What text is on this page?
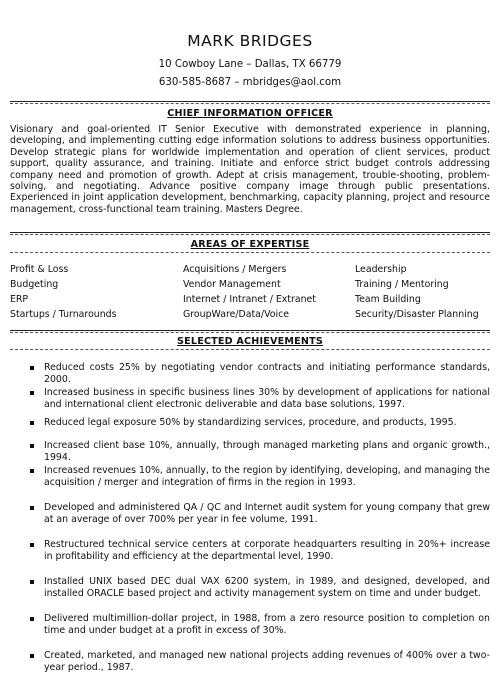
MARK BRIDGES
10 Cowboy Lane – Dallas, TX 66779
630-585-8687 – mbridges@aol.com
CHIEF INFORMATION OFFICER
Visionary and goal-oriented IT Senior Executive with demonstrated experience in planning, developing, and implementing cutting edge information solutions to address business opportunities. Develop strategic plans for worldwide implementation and operation of client services, product support, quality assurance, and training. Initiate and enforce strict budget controls addressing company need and promotion of growth. Adept at crisis management, trouble-shooting, problem-solving, and negotiating. Advance positive company image through public presentations. Experienced in joint application development, benchmarking, capacity planning, project and resource management, cross-functional team training. Masters Degree.
AREAS OF EXPERTISE
Profit & Loss	Acquisitions / Mergers	Leadership
Budgeting	Vendor Management	Training / Mentoring
ERP	Internet / Intranet / Extranet	Team Building
Startups / Turnarounds	GroupWare/Data/Voice	Security/Disaster Planning
SELECTED ACHIEVEMENTS
Reduced costs 25% by negotiating vendor contracts and initiating performance standards, 2000.
Increased business in specific business lines 30% by development of applications for national and international client electronic deliverable and data base solutions, 1997.
Reduced legal exposure 50% by standardizing services, procedure, and products, 1995.
Increased client base 10%, annually, through managed marketing plans and organic growth., 1994.
Increased revenues 10%, annually, to the region by identifying, developing, and managing the acquisition / merger and integration of firms in the region in 1993.
Developed and administered QA / QC and Internet audit system for young company that grew at an average of over 700% per year in fee volume, 1991.
Restructured technical service centers at corporate headquarters resulting in 20%+ increase in profitability and efficiency at the departmental level, 1990.
Installed UNIX based DEC dual VAX 6200 system, in 1989, and designed, developed, and installed ORACLE based project and activity management system on time and under budget.
Delivered multimillion-dollar project, in 1988, from a zero resource position to completion on time and under budget at a profit in excess of 30%.
Created, marketed, and managed new national projects adding revenues of 400% over a two-year period., 1987.
